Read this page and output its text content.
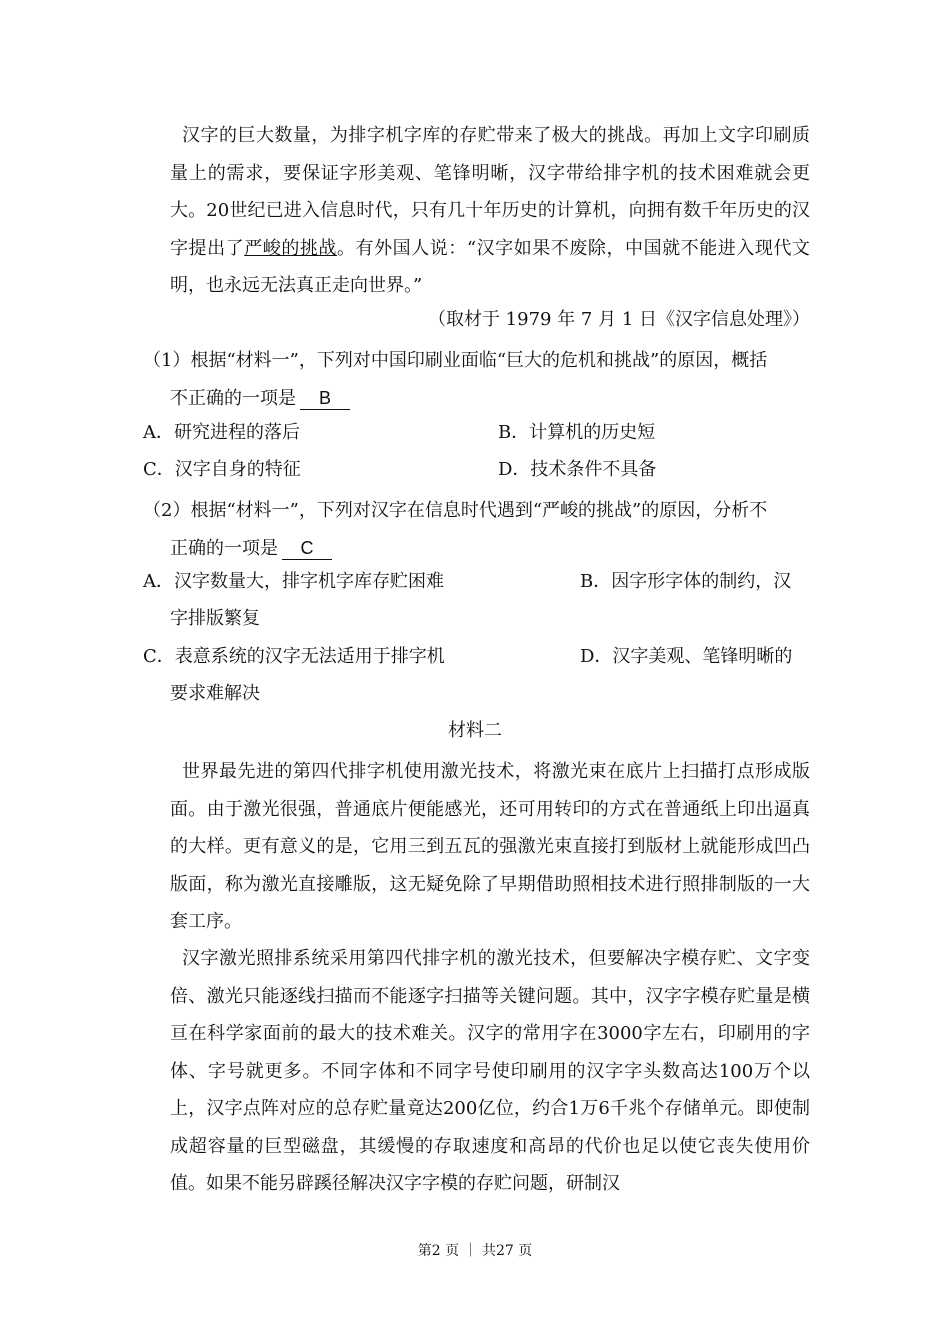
汉字的巨大数量，为排字机字库的存贮带来了极大的挑战。再加上文字印刷质量上的需求，要保证字形美观、笔锋明晰，汉字带给排字机的技术困难就会更大。20世纪已进入信息时代，只有几十年历史的计算机，向拥有数千年历史的汉字提出了严峻的挑战。有外国人说：“汉字如果不废除，中国就不能进入现代文明，也永远无法真正走向世界。”
（取材于 1979 年 7 月 1 日《汉字信息处理》）
（1）根据“材料一”，下列对中国印刷业面临“巨大的危机和挑战”的原因，概括
不正确的一项是 B
A．研究进程的落后	B．计算机的历史短
C．汉字自身的特征	D．技术条件不具备
（2）根据“材料一”，下列对汉字在信息时代遇到“严峻的挑战”的原因，分析不
正确的一项是 C
A．汉字数量大，排字机字库存贮困难	B．因字形字体的制约，汉
字排版繁复
C．表意系统的汉字无法适用于排字机	D．汉字美观、笔锋明晰的
要求难解决
材料二
世界最先进的第四代排字机使用激光技术，将激光束在底片上扫描打点形成版面。由于激光很强，普通底片便能感光，还可用转印的方式在普通纸上印出逼真的大样。更有意义的是，它用三到五瓦的强激光束直接打到版材上就能形成凹凸版面，称为激光直接雕版，这无疑免除了早期借助照相技术进行照排制版的一大套工序。
汉字激光照排系统采用第四代排字机的激光技术，但要解决字模存贮、文字变倍、激光只能逐线扫描而不能逐字扫描等关键问题。其中，汉字字模存贮量是横亘在科学家面前的最大的技术难关。汉字的常用字在3000字左右，印刷用的字体、字号就更多。不同字体和不同字号使印刷用的汉字字头数高达100万个以上，汉字点阵对应的总存贮量竟达200亿位，约合1万6千兆个存储单元。即使制成超容量的巨型磁盘，其缓慢的存取速度和高昂的代价也足以使它丧失使用价值。如果不能另辟蹊径解决汉字字模的存贮问题，研制汉
第2 页 ｜ 共27 页
